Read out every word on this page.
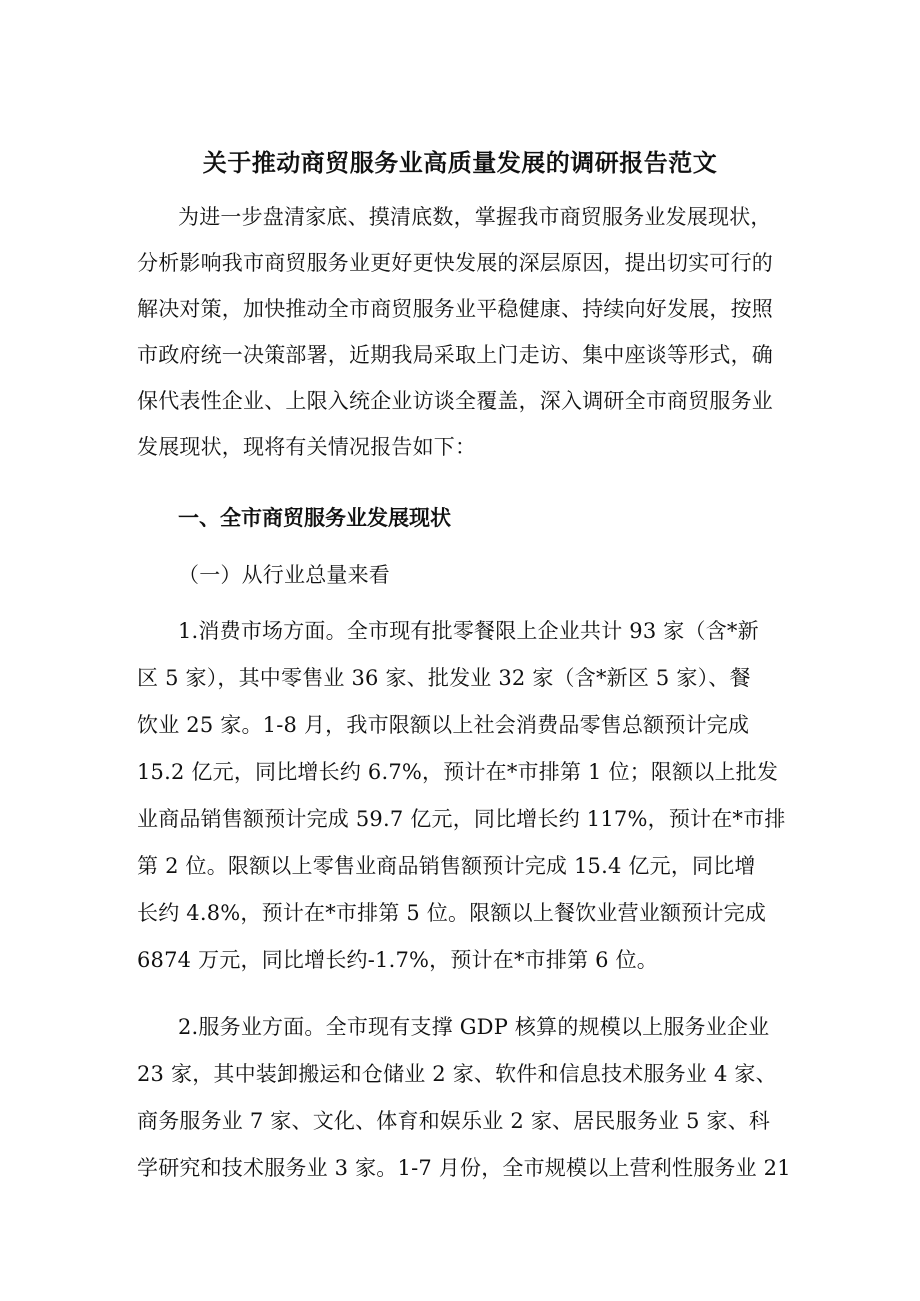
关于推动商贸服务业高质量发展的调研报告范文
为进一步盘清家底、摸清底数，掌握我市商贸服务业发展现状，
分析影响我市商贸服务业更好更快发展的深层原因，提出切实可行的
解决对策，加快推动全市商贸服务业平稳健康、持续向好发展，按照
市政府统一决策部署，近期我局采取上门走访、集中座谈等形式，确
保代表性企业、上限入统企业访谈全覆盖，深入调研全市商贸服务业
发展现状，现将有关情况报告如下：
一、全市商贸服务业发展现状
（一）从行业总量来看
1.消费市场方面。全市现有批零餐限上企业共计 93 家（含*新
区 5 家），其中零售业 36 家、批发业 32 家（含*新区 5 家）、餐
饮业 25 家。1-8 月，我市限额以上社会消费品零售总额预计完成
15.2 亿元，同比增长约 6.7%，预计在*市排第 1 位；限额以上批发
业商品销售额预计完成 59.7 亿元，同比增长约 117%，预计在*市排
第 2 位。限额以上零售业商品销售额预计完成 15.4 亿元，同比增
长约 4.8%，预计在*市排第 5 位。限额以上餐饮业营业额预计完成
6874 万元，同比增长约-1.7%，预计在*市排第 6 位。
2.服务业方面。全市现有支撑 GDP 核算的规模以上服务业企业
23 家，其中装卸搬运和仓储业 2 家、软件和信息技术服务业 4 家、
商务服务业 7 家、文化、体育和娱乐业 2 家、居民服务业 5 家、科
学研究和技术服务业 3 家。1-7 月份，全市规模以上营利性服务业 21
